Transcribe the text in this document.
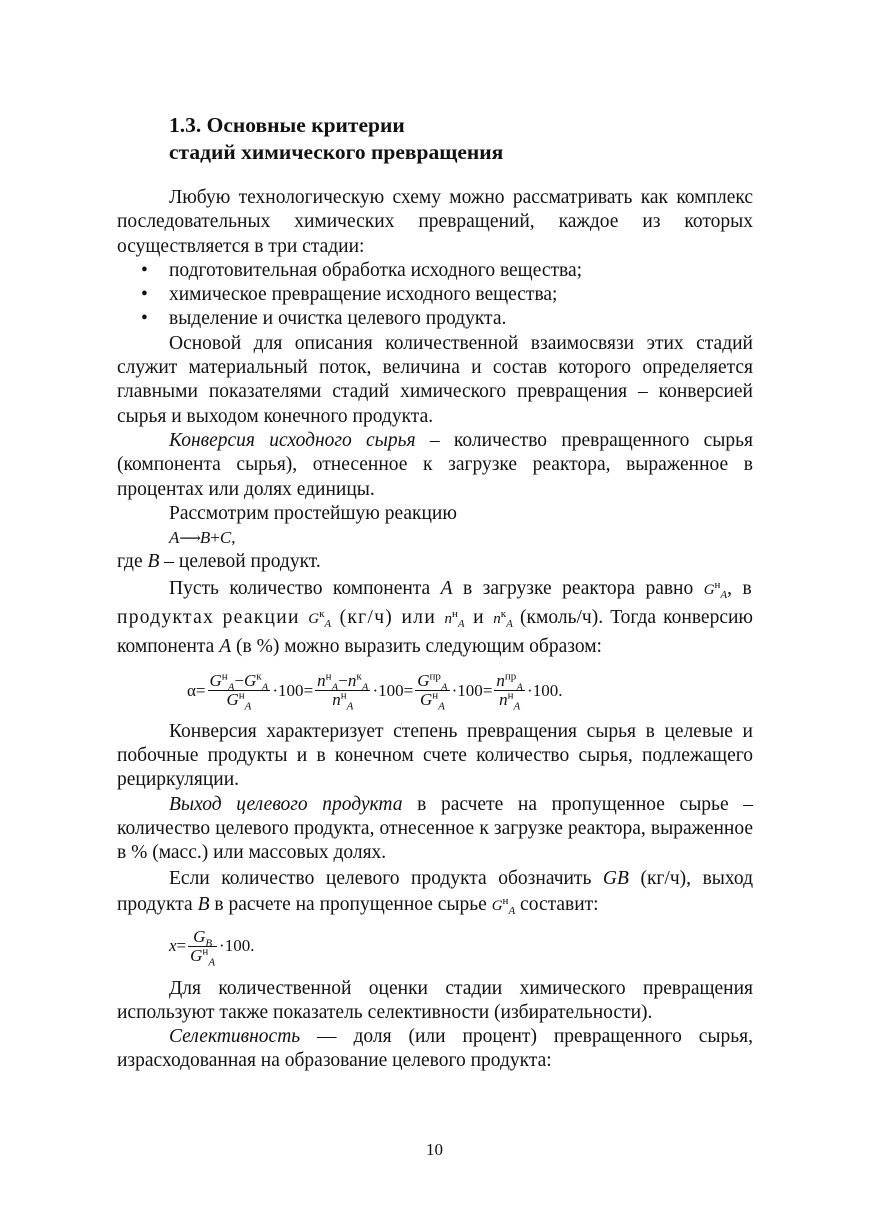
1.3. Основные критерии
стадий химического превращения

Любую технологическую схему можно рассматривать как комплекс последовательных химических превращений, каждое из которых осуществляется в три стадии:

• подготовительная обработка исходного вещества;
• химическое превращение исходного вещества;
• выделение и очистка целевого продукта.

Основой для описания количественной взаимосвязи этих стадий служит материальный поток, величина и состав которого определяется главными показателями стадий химического превращения – конверсией сырья и выходом конечного продукта.

Конверсия исходного сырья – количество превращенного сырья (компонента сырья), отнесенное к загрузке реактора, выраженное в процентах или долях единицы.

Рассмотрим простейшую реакцию

A⟶B+C,

где B – целевой продукт.

Пусть количество компонента A в загрузке реактора равно $G^н_A$, в продуктах реакции $G^к_A$ (кг/ч) или $n^н_A$ и $n^к_A$ (кмоль/ч). Тогда конверсию компонента A (в %) можно выразить следующим образом:

$\alpha = \frac{G^н_A-G^к_A}{G^н_A} \cdot 100 = \frac{n^н_A-n^к_A}{n^н_A} \cdot 100 = \frac{G^{пр}_A}{G^н_A} \cdot 100 = \frac{n^{пр}_A}{n^н_A} \cdot 100$ .

Конверсия характеризует степень превращения сырья в целевые и побочные продукты и в конечном счете количество сырья, подлежащего рециркуляции.

Выход целевого продукта в расчете на пропущенное сырье – количество целевого продукта, отнесенное к загрузке реактора, выраженное в % (масс.) или массовых долях.

Если количество целевого продукта обозначить GB (кг/ч), выход продукта B в расчете на пропущенное сырье $G^н_A$ составит:

$x = \frac{G_B}{G^н_A} \cdot 100$ .

Для количественной оценки стадии химического превращения используют также показатель селективности (избирательности).

Селективность — доля (или процент) превращенного сырья, израсходованная на образование целевого продукта:

10
